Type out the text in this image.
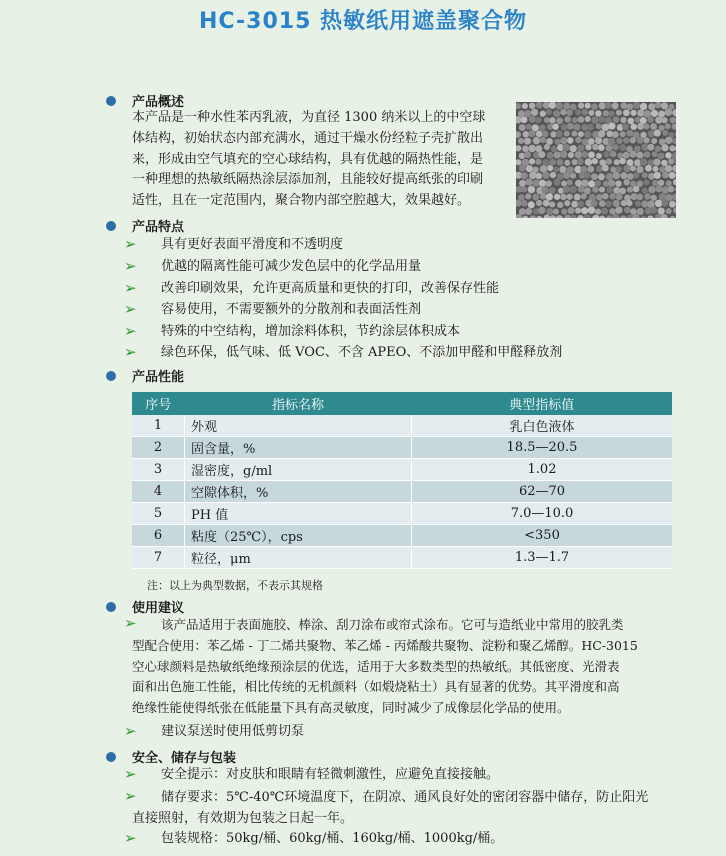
HC-3015 热敏纸用遮盖聚合物
产品概述
本产品是一种水性苯丙乳液，为直径 1300 纳米以上的中空球
体结构，初始状态内部充满水，通过干燥水份经粒子壳扩散出
来，形成由空气填充的空心球结构，具有优越的隔热性能，是
一种理想的热敏纸隔热涂层添加剂，且能较好提高纸张的印刷
适性，且在一定范围内，聚合物内部空腔越大，效果越好。
产品特点
➢ 具有更好表面平滑度和不透明度
➢ 优越的隔离性能可减少发色层中的化学品用量
➢ 改善印刷效果，允许更高质量和更快的打印，改善保存性能
➢ 容易使用，不需要额外的分散剂和表面活性剂
➢ 特殊的中空结构，增加涂料体积，节约涂层体积成本
➢ 绿色环保，低气味、低 VOC、不含 APEO、不添加甲醛和甲醛释放剂
产品性能
序号	指标名称	典型指标值
1	外观	乳白色液体
2	固含量，%	18.5—20.5
3	湿密度，g/ml	1.02
4	空隙体积，%	62—70
5	PH 值	7.0—10.0
6	粘度（25℃），cps	<350
7	粒径，μm	1.3—1.7
注：以上为典型数据，不表示其规格
使用建议
➢	该产品适用于表面施胶、棒涂、刮刀涂布或帘式涂布。它可与造纸业中常用的胶乳类
型配合使用：苯乙烯 - 丁二烯共聚物、苯乙烯 - 丙烯酸共聚物、淀粉和聚乙烯醇。HC-3015
空心球颜料是热敏纸绝缘预涂层的优选，适用于大多数类型的热敏纸。其低密度、光滑表
面和出色施工性能，相比传统的无机颜料（如煅烧粘土）具有显著的优势。其平滑度和高
绝缘性能使得纸张在低能量下具有高灵敏度，同时减少了成像层化学品的使用。
➢ 建议泵送时使用低剪切泵
安全、储存与包装
➢ 安全提示：对皮肤和眼睛有轻微刺激性，应避免直接接触。
➢	储存要求：5℃-40℃环境温度下，在阴凉、通风良好处的密闭容器中储存，防止阳光
直接照射，有效期为包装之日起一年。
➢ 包装规格：50kg/桶、60kg/桶、160kg/桶、1000kg/桶。
